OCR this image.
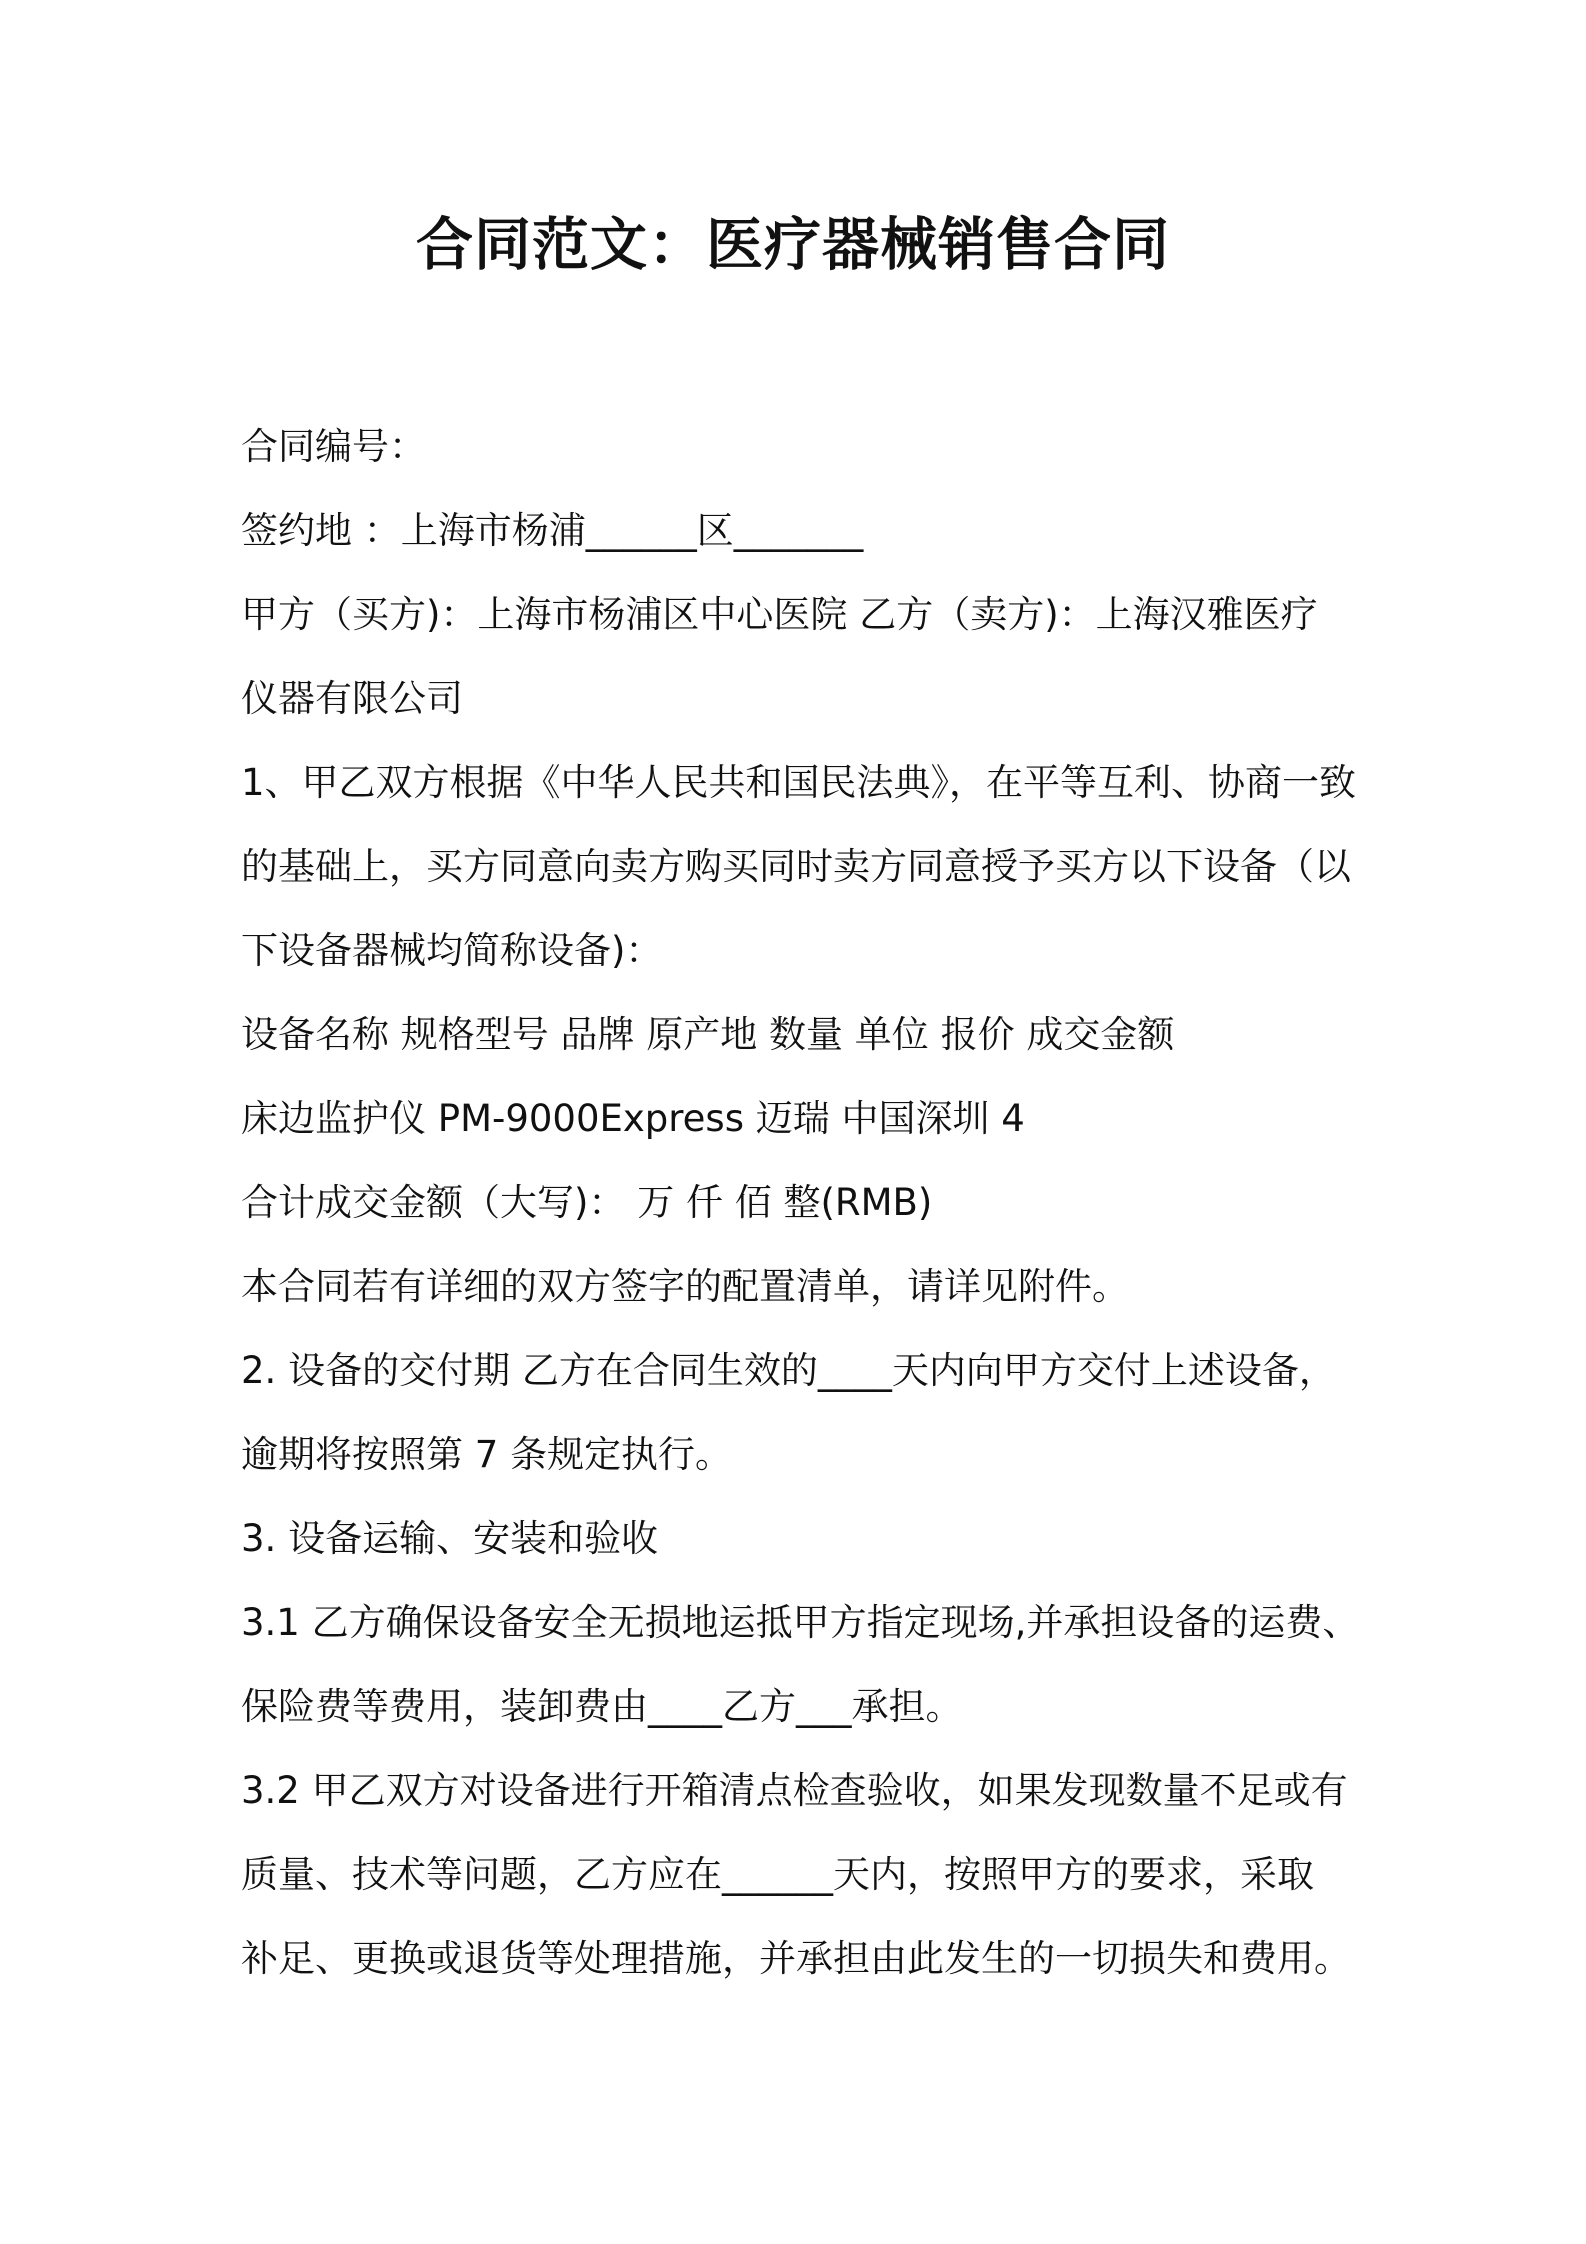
合同范文：医疗器械销售合同

合同编号：

签约地 ：上海市杨浦______区_______

甲方（买方)：上海市杨浦区中心医院 乙方（卖方)：上海汉雅医疗

仪器有限公司

1、甲乙双方根据《中华人民共和国民法典》，在平等互利、协商一致

的基础上，买方同意向卖方购买同时卖方同意授予买方以下设备（以

下设备器械均简称设备)：

设备名称 规格型号 品牌 原产地 数量 单位 报价 成交金额

床边监护仪 PM-9000Express 迈瑞 中国深圳 4

合计成交金额（大写)： 万 仟 佰 整(RMB)

本合同若有详细的双方签字的配置清单，请详见附件。

2. 设备的交付期 乙方在合同生效的____天内向甲方交付上述设备，

逾期将按照第 7 条规定执行。

3. 设备运输、安装和验收

3.1 乙方确保设备安全无损地运抵甲方指定现场,并承担设备的运费、

保险费等费用，装卸费由____乙方___承担。

3.2 甲乙双方对设备进行开箱清点检查验收，如果发现数量不足或有

质量、技术等问题，乙方应在______天内，按照甲方的要求，采取

补足、更换或退货等处理措施，并承担由此发生的一切损失和费用。
